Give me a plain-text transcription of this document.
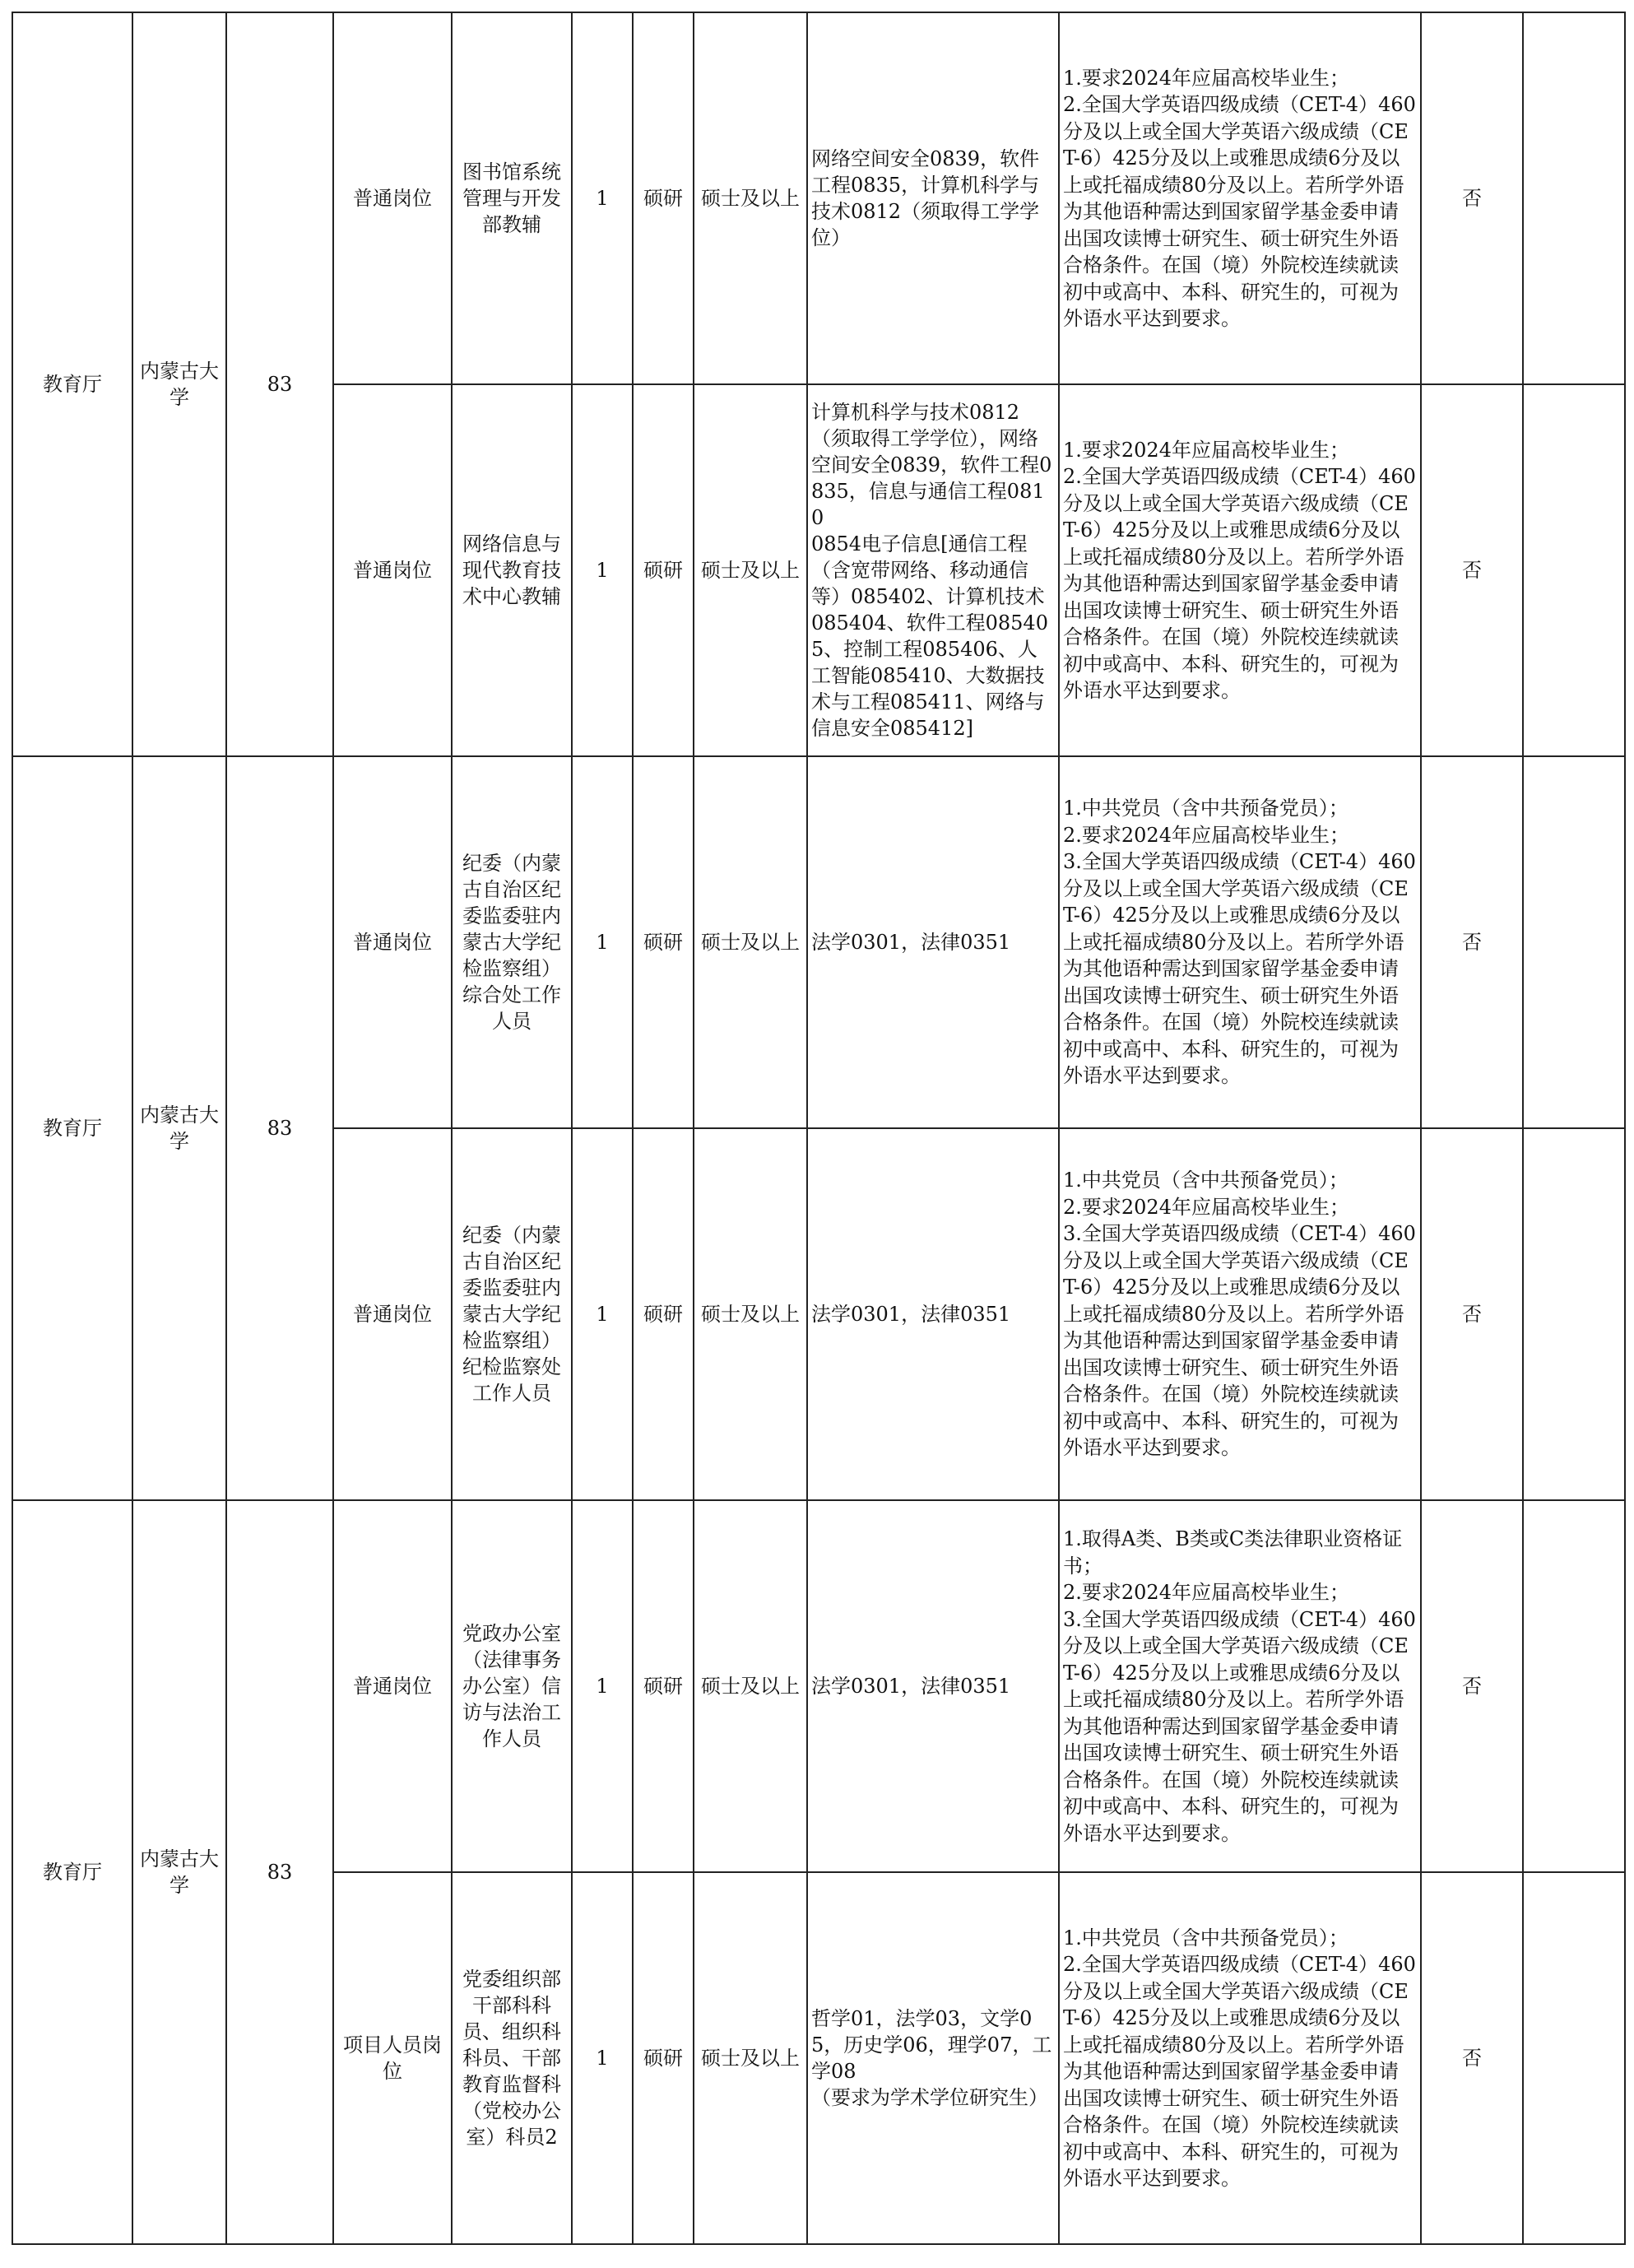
教育厅	内蒙古大学	83	普通岗位	图书馆系统管理与开发部教辅	1	硕研	硕士及以上	网络空间安全0839，软件工程0835，计算机科学与技术0812（须取得工学学位）	1.要求2024年应届高校毕业生；
2.全国大学英语四级成绩（CET-4）460分及以上或全国大学英语六级成绩（CET-6）425分及以上或雅思成绩6分及以上或托福成绩80分及以上。若所学外语为其他语种需达到国家留学基金委申请出国攻读博士研究生、硕士研究生外语合格条件。在国（境）外院校连续就读初中或高中、本科、研究生的，可视为外语水平达到要求。	否	
			普通岗位	网络信息与现代教育技术中心教辅	1	硕研	硕士及以上	计算机科学与技术0812（须取得工学学位），网络空间安全0839，软件工程0835，信息与通信工程0810
0854电子信息[通信工程（含宽带网络、移动通信等）085402、计算机技术085404、软件工程085405、控制工程085406、人工智能085410、大数据技术与工程085411、网络与信息安全085412]	1.要求2024年应届高校毕业生；
2.全国大学英语四级成绩（CET-4）460分及以上或全国大学英语六级成绩（CET-6）425分及以上或雅思成绩6分及以上或托福成绩80分及以上。若所学外语为其他语种需达到国家留学基金委申请出国攻读博士研究生、硕士研究生外语合格条件。在国（境）外院校连续就读初中或高中、本科、研究生的，可视为外语水平达到要求。	否	
教育厅	内蒙古大学	83	普通岗位	纪委（内蒙古自治区纪委监委驻内蒙古大学纪检监察组）综合处工作人员	1	硕研	硕士及以上	法学0301，法律0351	1.中共党员（含中共预备党员）；
2.要求2024年应届高校毕业生；
3.全国大学英语四级成绩（CET-4）460分及以上或全国大学英语六级成绩（CET-6）425分及以上或雅思成绩6分及以上或托福成绩80分及以上。若所学外语为其他语种需达到国家留学基金委申请出国攻读博士研究生、硕士研究生外语合格条件。在国（境）外院校连续就读初中或高中、本科、研究生的，可视为外语水平达到要求。	否	
			普通岗位	纪委（内蒙古自治区纪委监委驻内蒙古大学纪检监察组）纪检监察处工作人员	1	硕研	硕士及以上	法学0301，法律0351	1.中共党员（含中共预备党员）；
2.要求2024年应届高校毕业生；
3.全国大学英语四级成绩（CET-4）460分及以上或全国大学英语六级成绩（CET-6）425分及以上或雅思成绩6分及以上或托福成绩80分及以上。若所学外语为其他语种需达到国家留学基金委申请出国攻读博士研究生、硕士研究生外语合格条件。在国（境）外院校连续就读初中或高中、本科、研究生的，可视为外语水平达到要求。	否	
教育厅	内蒙古大学	83	普通岗位	党政办公室（法律事务办公室）信访与法治工作人员	1	硕研	硕士及以上	法学0301，法律0351	1.取得A类、B类或C类法律职业资格证书；
2.要求2024年应届高校毕业生；
3.全国大学英语四级成绩（CET-4）460分及以上或全国大学英语六级成绩（CET-6）425分及以上或雅思成绩6分及以上或托福成绩80分及以上。若所学外语为其他语种需达到国家留学基金委申请出国攻读博士研究生、硕士研究生外语合格条件。在国（境）外院校连续就读初中或高中、本科、研究生的，可视为外语水平达到要求。	否	
			项目人员岗位	党委组织部干部科科员、组织科科员、干部教育监督科（党校办公室）科员2	1	硕研	硕士及以上	哲学01，法学03，文学05，历史学06，理学07，工学08
（要求为学术学位研究生）	1.中共党员（含中共预备党员）；
2.全国大学英语四级成绩（CET-4）460分及以上或全国大学英语六级成绩（CET-6）425分及以上或雅思成绩6分及以上或托福成绩80分及以上。若所学外语为其他语种需达到国家留学基金委申请出国攻读博士研究生、硕士研究生外语合格条件。在国（境）外院校连续就读初中或高中、本科、研究生的，可视为外语水平达到要求。	否	
